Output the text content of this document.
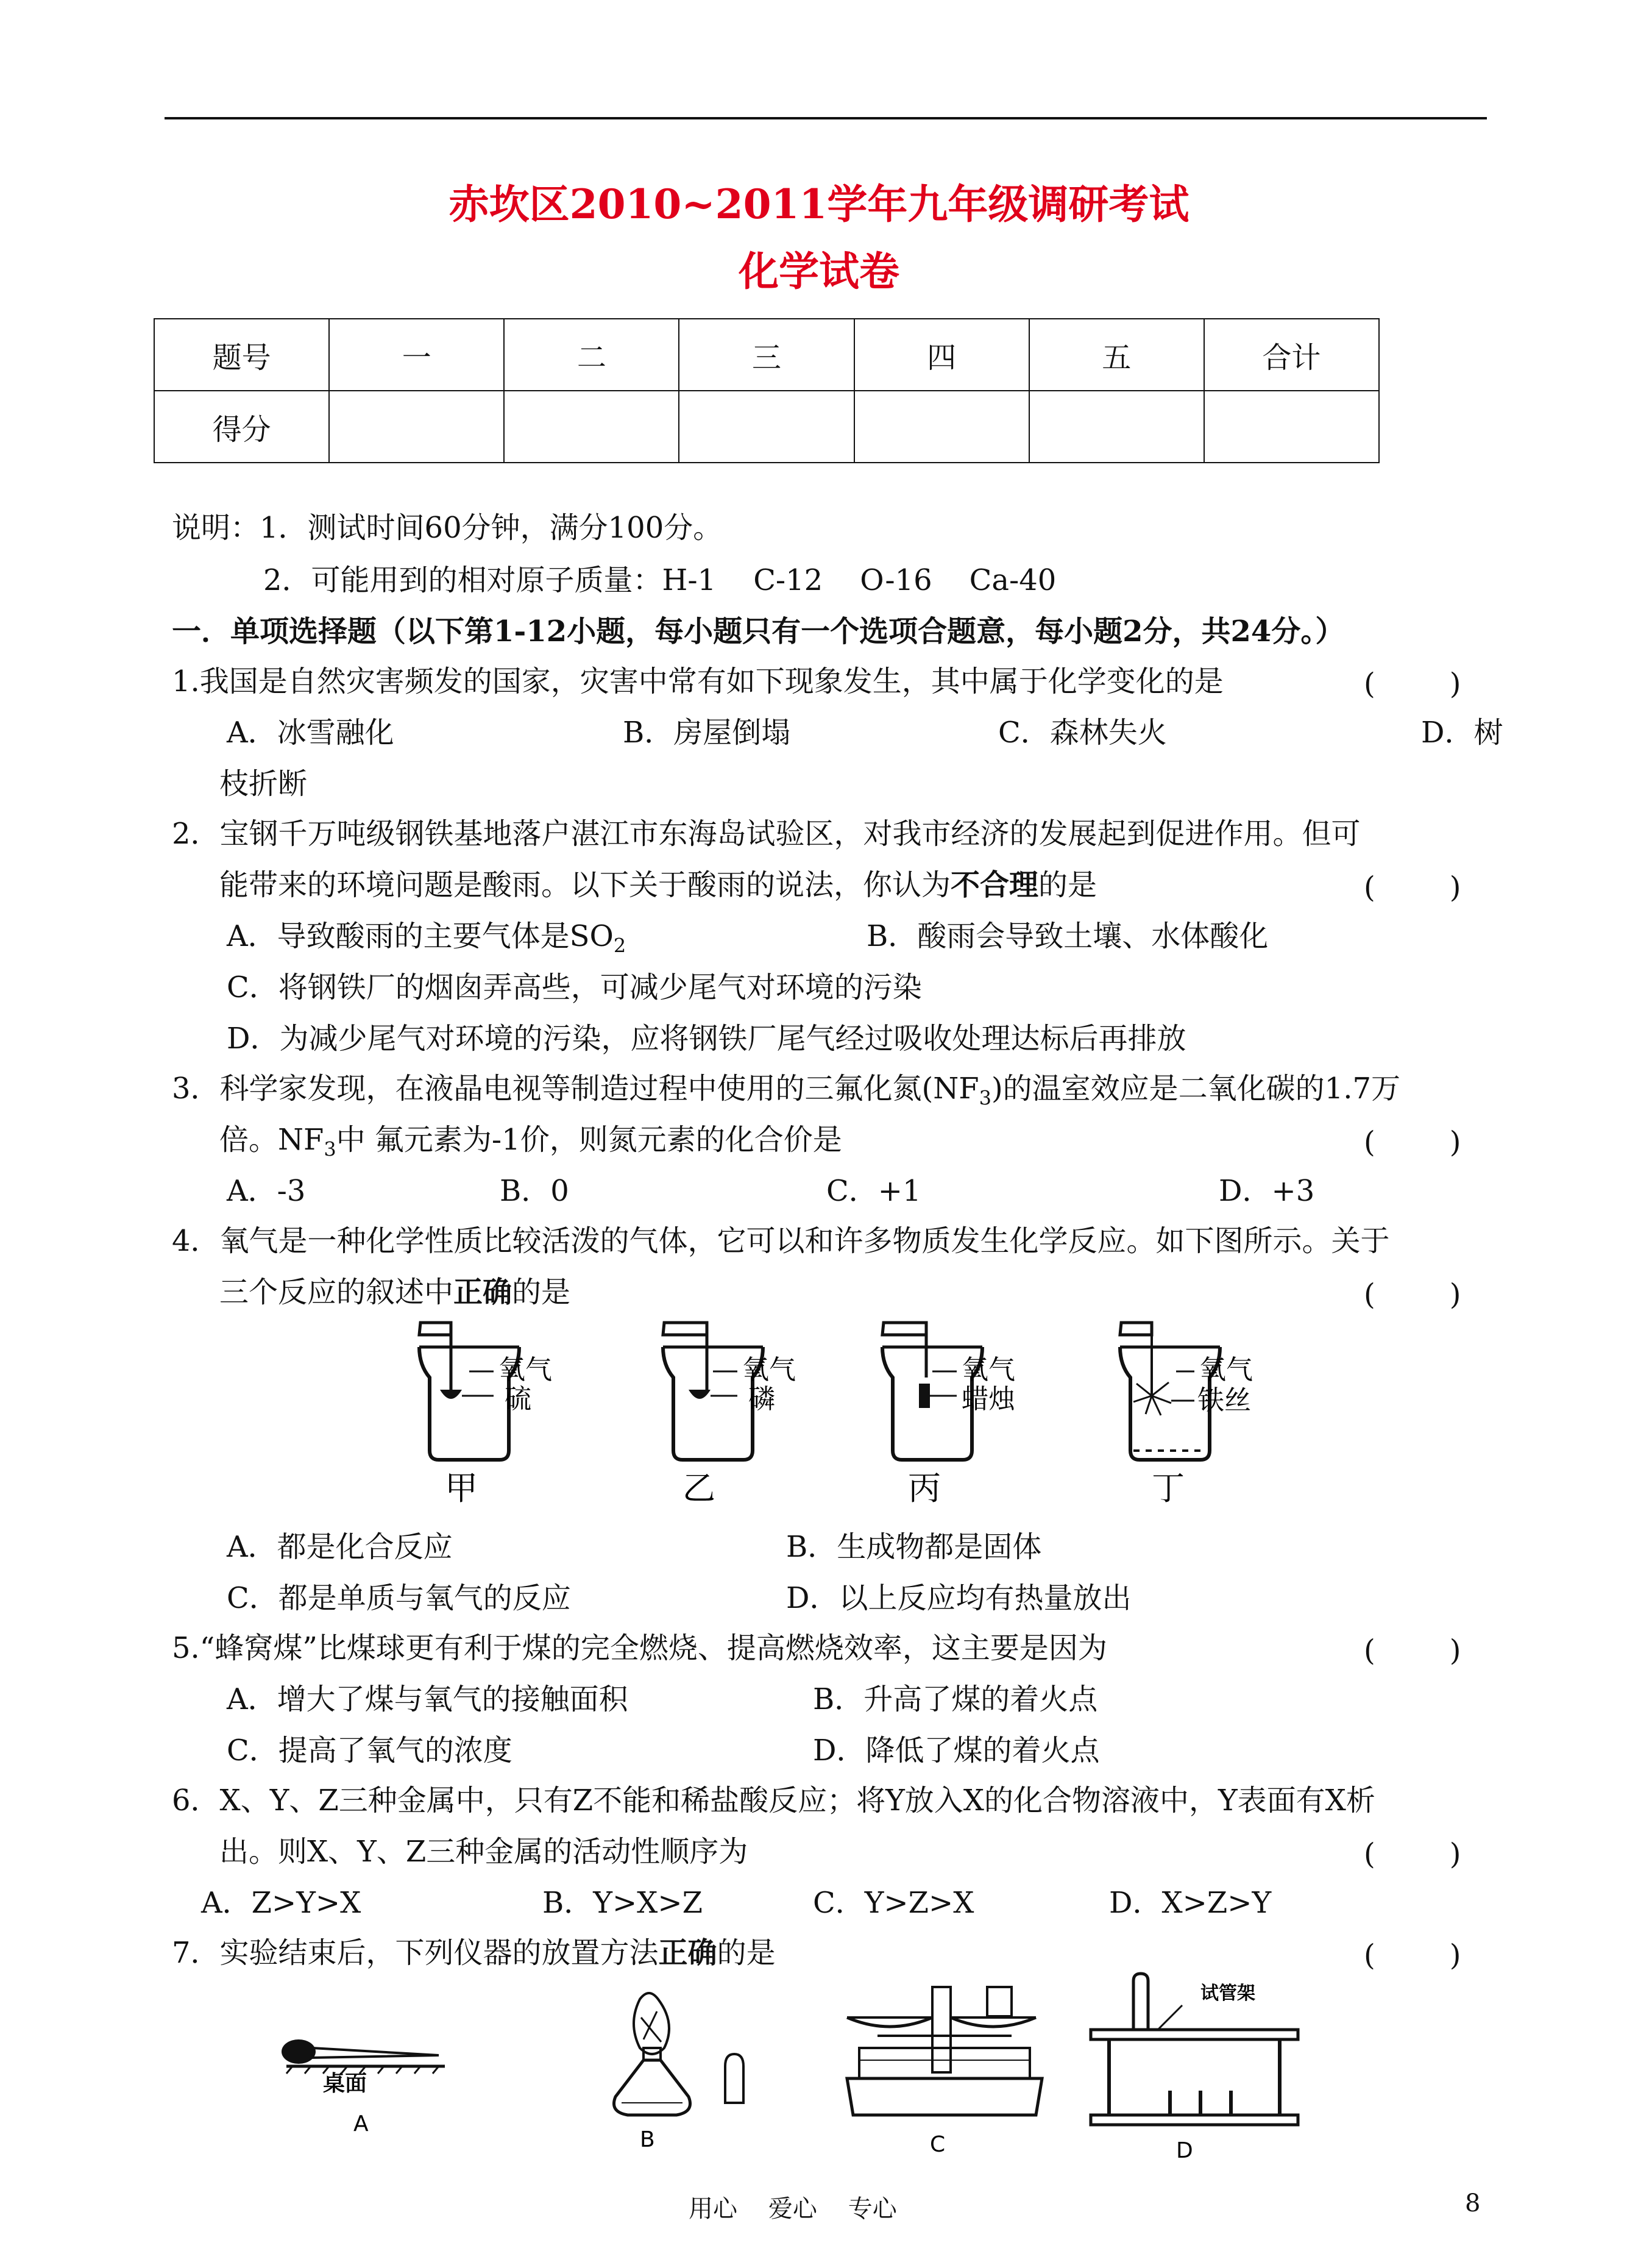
赤坎区2010~2011学年九年级调研考试
化学试卷
题号	一	二	三	四	五	合计
得分						
说明：1．测试时间60分钟，满分100分。
2．可能用到的相对原子质量：H-1    C-12    O-16    Ca-40
一．单项选择题（以下第1-12小题，每小题只有一个选项合题意，每小题2分，共24分。）
1.我国是自然灾害频发的国家，灾害中常有如下现象发生，其中属于化学变化的是	(        )
A．冰雪融化	B．房屋倒塌	C．森林失火	D．树
枝折断
2．宝钢千万吨级钢铁基地落户湛江市东海岛试验区，对我市经济的发展起到促进作用。但可
能带来的环境问题是酸雨。以下关于酸雨的说法，你认为不合理的是	(        )
A．导致酸雨的主要气体是$SO_2$	B．酸雨会导致土壤、水体酸化
C．将钢铁厂的烟囱弄高些，可减少尾气对环境的污染
D．为减少尾气对环境的污染，应将钢铁厂尾气经过吸收处理达标后再排放
3．科学家发现，在液晶电视等制造过程中使用的三氟化氮$(NF_3)$的温室效应是二氧化碳的1.7万
倍。$NF_3$中 氟元素为-1价，则氮元素的化合价是	(        )
A．-3	B．0	C．+1	D．+3
4．氧气是一种化学性质比较活泼的气体，它可以和许多物质发生化学反应。如下图所示。关于
三个反应的叙述中正确的是	(        )
氧气
硫
甲
氧气
磷
乙
氧气
蜡烛
丙
氧气
铁丝
丁
A．都是化合反应	B．生成物都是固体
C．都是单质与氧气的反应	D．以上反应均有热量放出
5.“蜂窝煤”比煤球更有利于煤的完全燃烧、提高燃烧效率，这主要是因为	(        )
A．增大了煤与氧气的接触面积	B．升高了煤的着火点
C．提高了氧气的浓度	D．降低了煤的着火点
6．X、Y、Z三种金属中，只有Z不能和稀盐酸反应；将Y放入X的化合物溶液中，Y表面有X析
出。则X、Y、Z三种金属的活动性顺序为	(        )
A．Z>Y>X	B．Y>X>Z	C．Y>Z>X	D．X>Z>Y
7．实验结束后，下列仪器的放置方法正确的是	(        )
桌面
A
B	C
试管架
D
用心    爱心    专心	8
